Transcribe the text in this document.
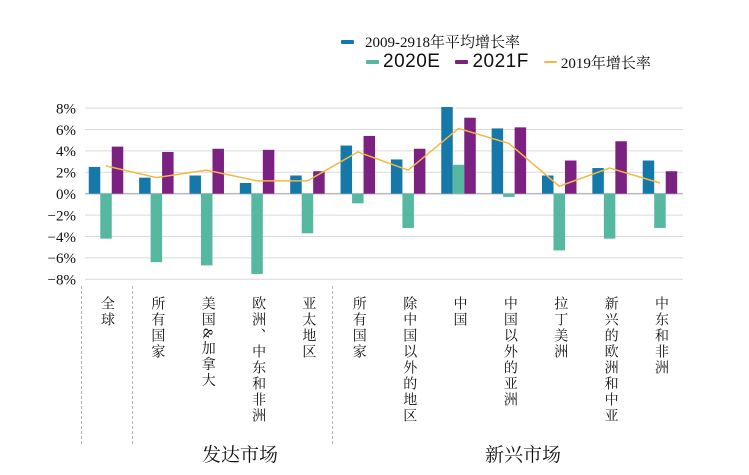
2009-2918年平均增长率
2020E 2021F 2019年增长率
8%
6%
4%
2%
0%
−2%
−4%
−6%
−8%
发达市场	新兴市场
全球	所有国家	美国&加拿大	欧洲、中东和非洲	亚太地区	所有国家	除中国以外的地区	中国	中国以外的亚洲	拉丁美洲	新兴的欧洲和中亚	中东和非洲
